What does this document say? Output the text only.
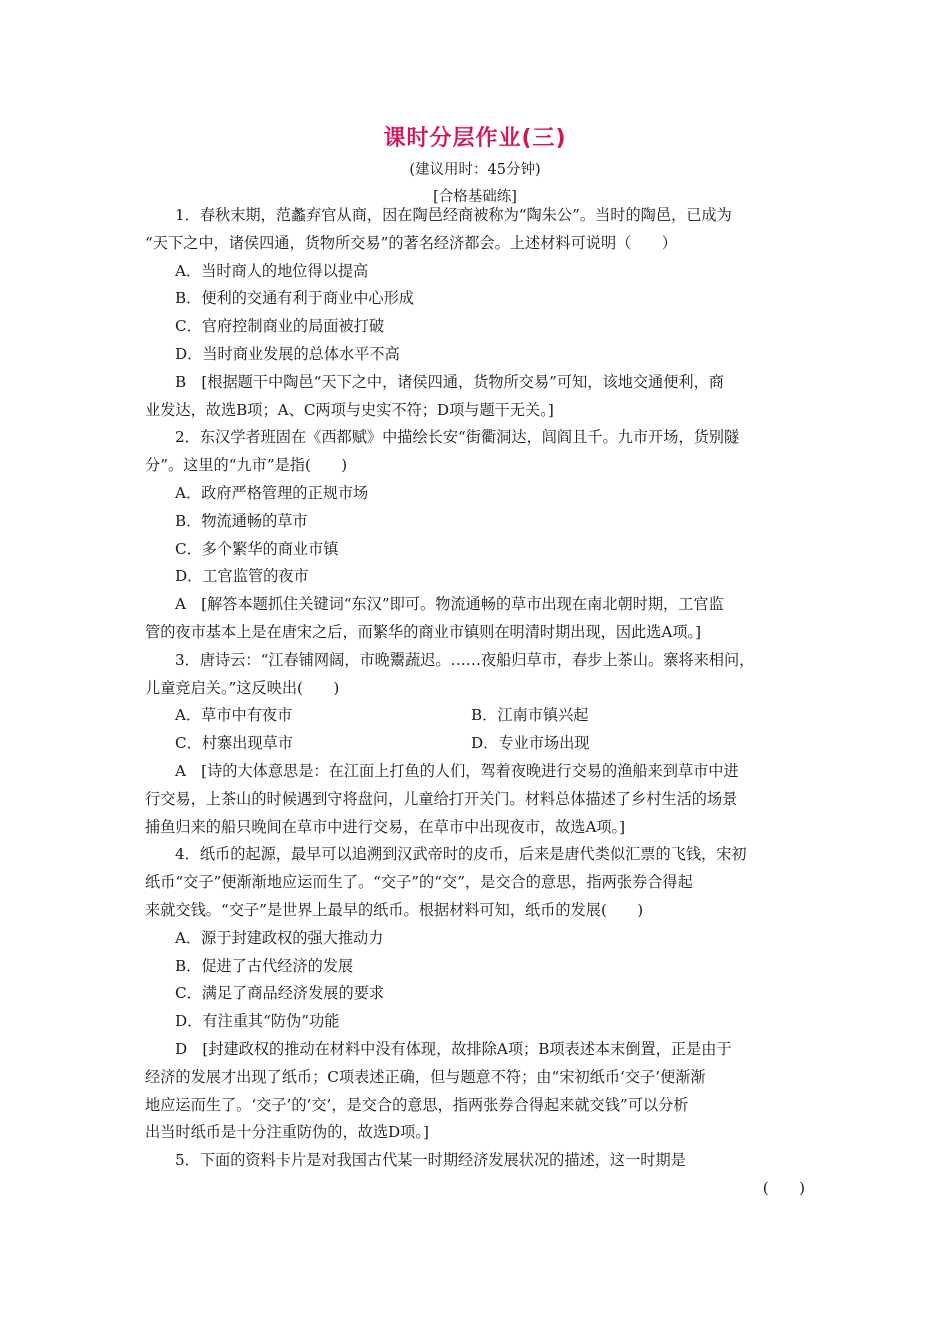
课时分层作业(三)
(建议用时：45分钟)
[合格基础练]
1．春秋末期，范蠡弃官从商，因在陶邑经商被称为“陶朱公”。当时的陶邑，已成为
“天下之中，诸侯四通，货物所交易”的著名经济都会。上述材料可说明（　　）
A．当时商人的地位得以提高
B．便利的交通有利于商业中心形成
C．官府控制商业的局面被打破
D．当时商业发展的总体水平不高
B　[根据题干中陶邑“天下之中，诸侯四通，货物所交易”可知，该地交通便利，商
业发达，故选B项；A、C两项与史实不符；D项与题干无关。]
2．东汉学者班固在《西都赋》中描绘长安“街衢洞达，闾阎且千。九市开场，货别隧
分”。这里的“九市”是指(　　)
A．政府严格管理的正规市场
B．物流通畅的草市
C．多个繁华的商业市镇
D．工官监管的夜市
A　[解答本题抓住关键词“东汉”即可。物流通畅的草市出现在南北朝时期，工官监
管的夜市基本上是在唐宋之后，而繁华的商业市镇则在明清时期出现，因此选A项。]
3．唐诗云：“江春铺网阔，市晚鬻蔬迟。……夜船归草市，春步上茶山。寨将来相问，
儿童竞启关。”这反映出(　　)
A．草市中有夜市	B．江南市镇兴起
C．村寨出现草市	D．专业市场出现
A　[诗的大体意思是：在江面上打鱼的人们，驾着夜晚进行交易的渔船来到草市中进
行交易，上茶山的时候遇到守将盘问，儿童给打开关门。材料总体描述了乡村生活的场景
捕鱼归来的船只晚间在草市中进行交易，在草市中出现夜市，故选A项。]
4．纸币的起源，最早可以追溯到汉武帝时的皮币，后来是唐代类似汇票的飞钱，宋初
纸币“交子”便渐渐地应运而生了。“交子”的“交”，是交合的意思，指两张券合得起
来就交钱。“交子”是世界上最早的纸币。根据材料可知，纸币的发展(　　)
A．源于封建政权的强大推动力
B．促进了古代经济的发展
C．满足了商品经济发展的要求
D．有注重其“防伪”功能
D　[封建政权的推动在材料中没有体现，故排除A项；B项表述本末倒置，正是由于
经济的发展才出现了纸币；C项表述正确，但与题意不符；由“宋初纸币‘交子’便渐渐
地应运而生了。‘交子’的‘交’，是交合的意思，指两张券合得起来就交钱”可以分析
出当时纸币是十分注重防伪的，故选D项。]
5．下面的资料卡片是对我国古代某一时期经济发展状况的描述，这一时期是
(　　)
